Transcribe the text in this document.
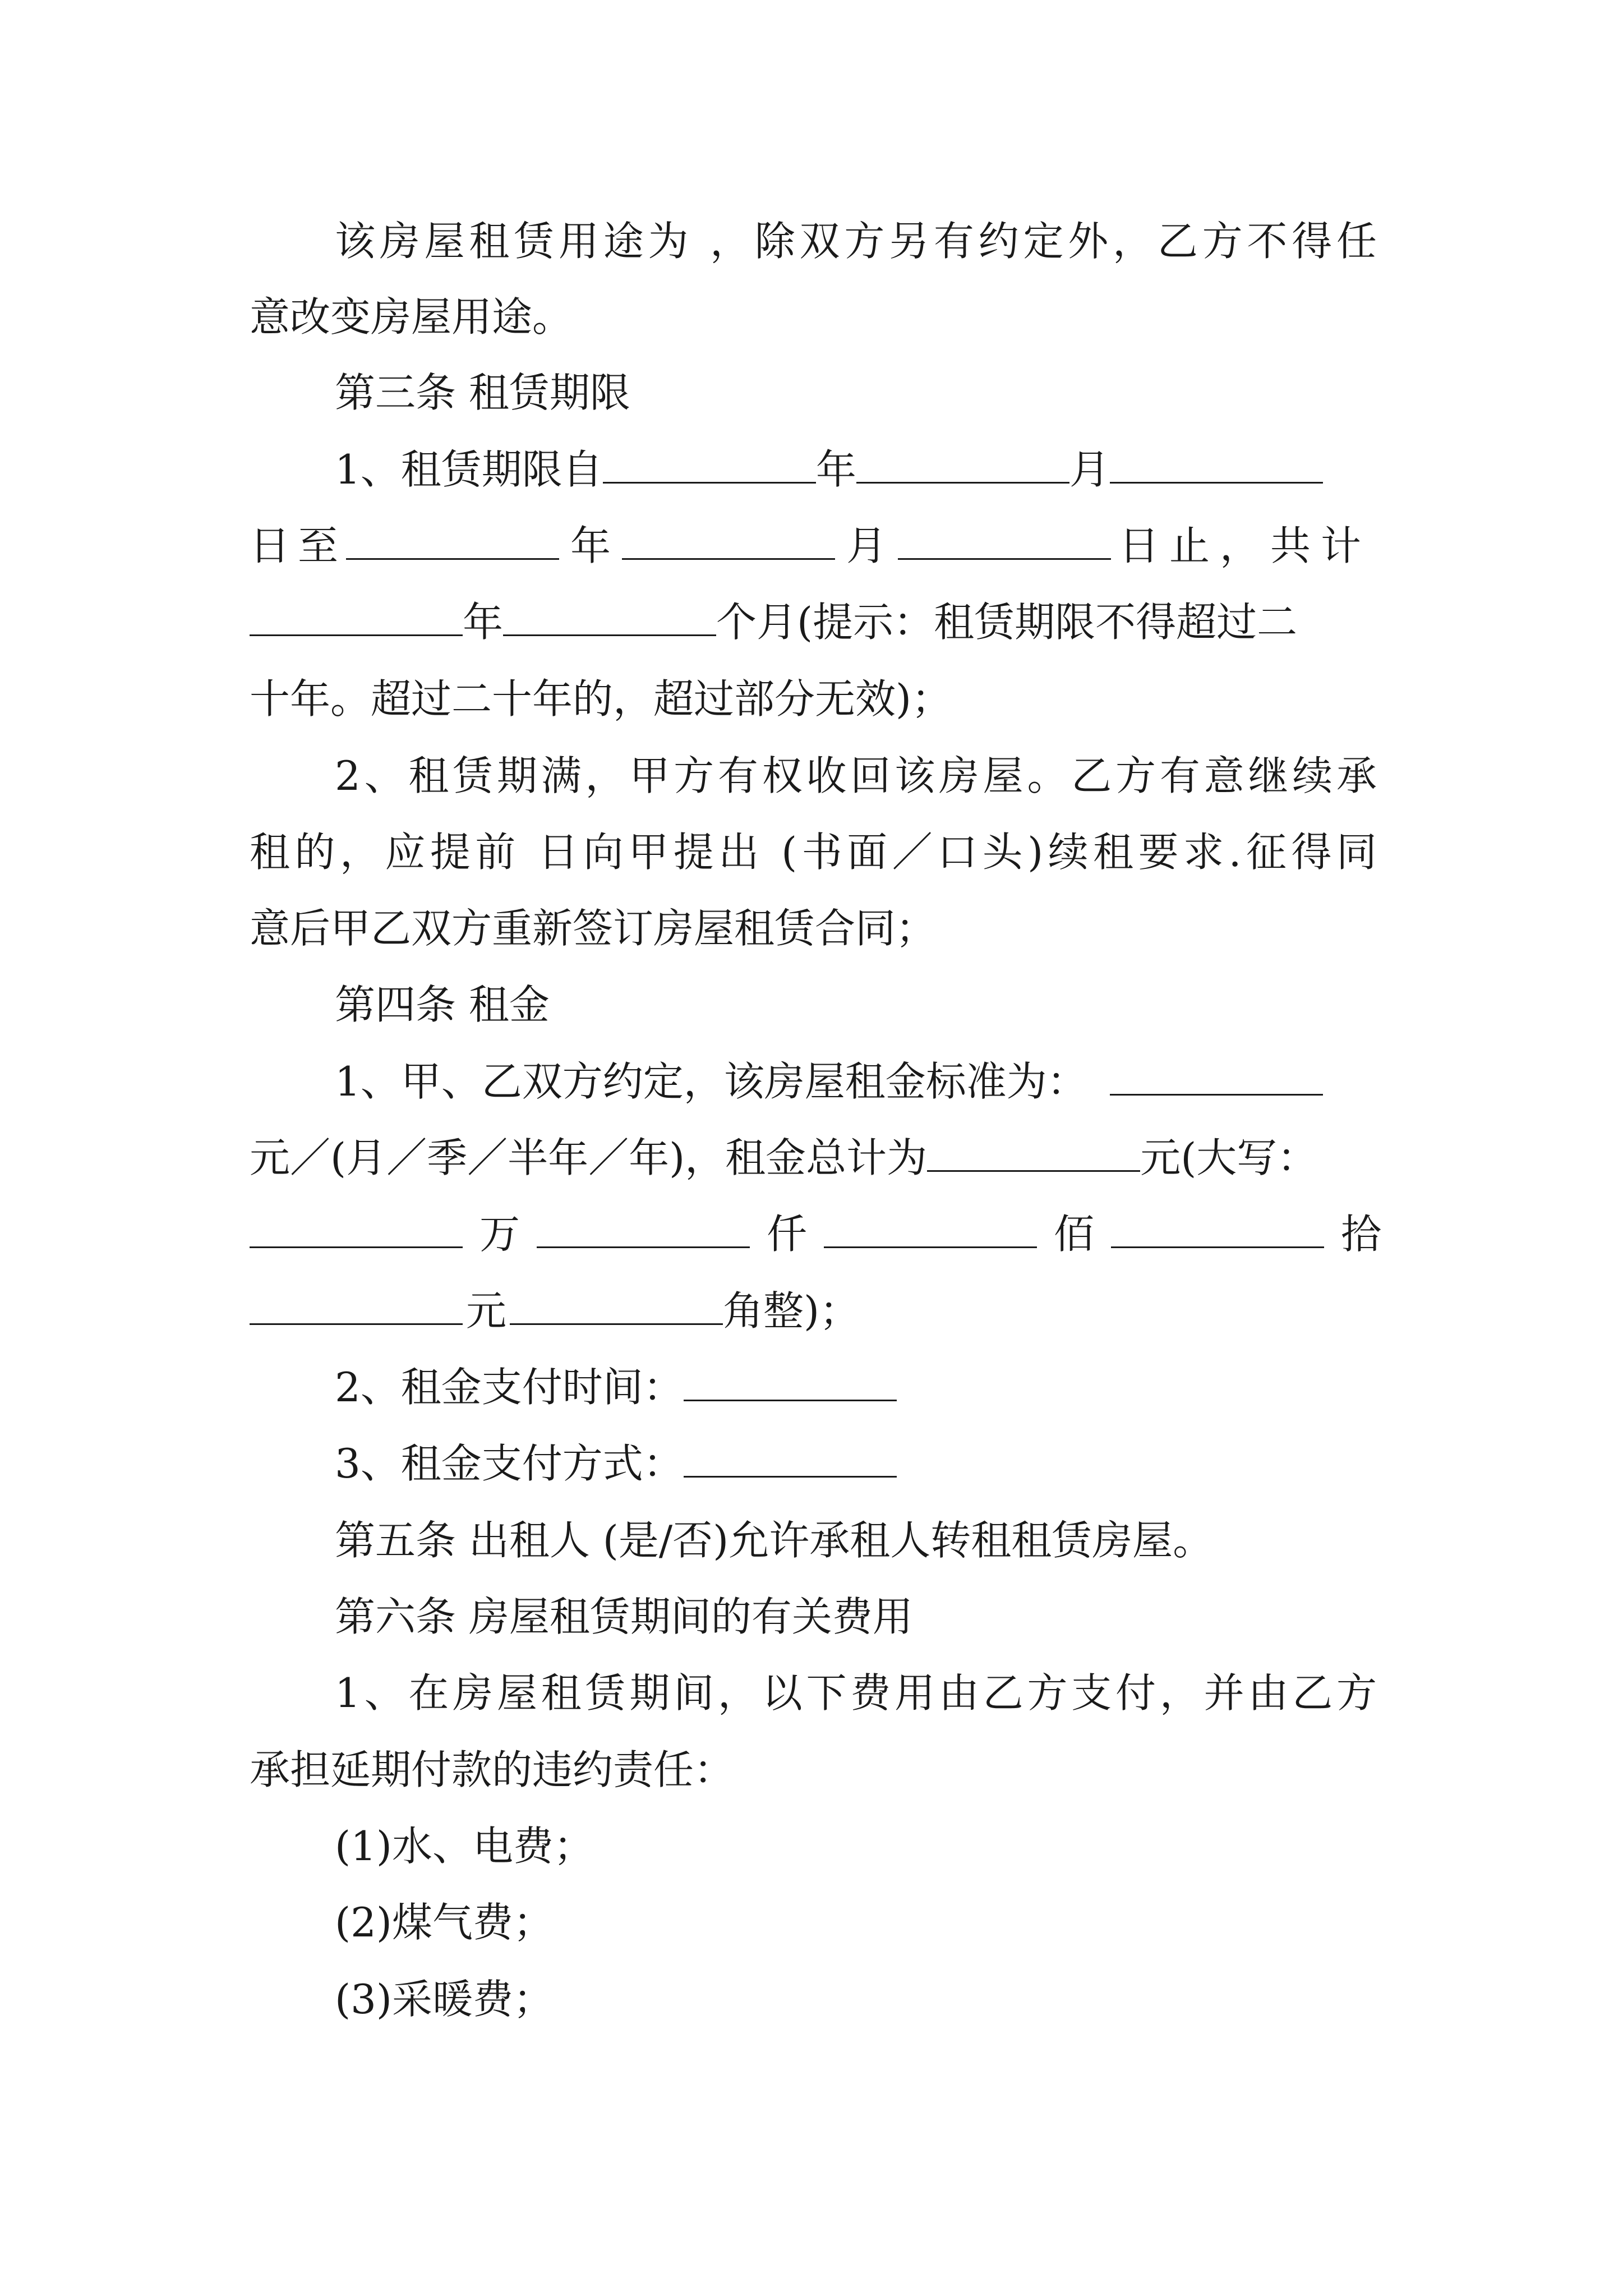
该房屋租赁用途为 ，除双方另有约定外，乙方不得任
意改变房屋用途。
第三条 租赁期限
1、租赁期限自	年	月
日至	年	月	日止，共计
年	个月(提示：租赁期限不得超过二
十年。超过二十年的，超过部分无效)；
2、租赁期满，甲方有权收回该房屋。乙方有意继续承
租的，应提前 日向甲提出 (书面／口头)续租要求.征得同
意后甲乙双方重新签订房屋租赁合同；
第四条 租金
1、甲、乙双方约定，该房屋租金标准为：
元／(月／季／半年／年)，租金总计为	元(大写：
万	仟	佰	拾
元	角整)；
2、租金支付时间：
3、租金支付方式：
第五条 出租人 (是/否)允许承租人转租租赁房屋。
第六条 房屋租赁期间的有关费用
1、在房屋租赁期间，以下费用由乙方支付，并由乙方
承担延期付款的违约责任：
(1)水、电费；
(2)煤气费；
(3)采暖费；
